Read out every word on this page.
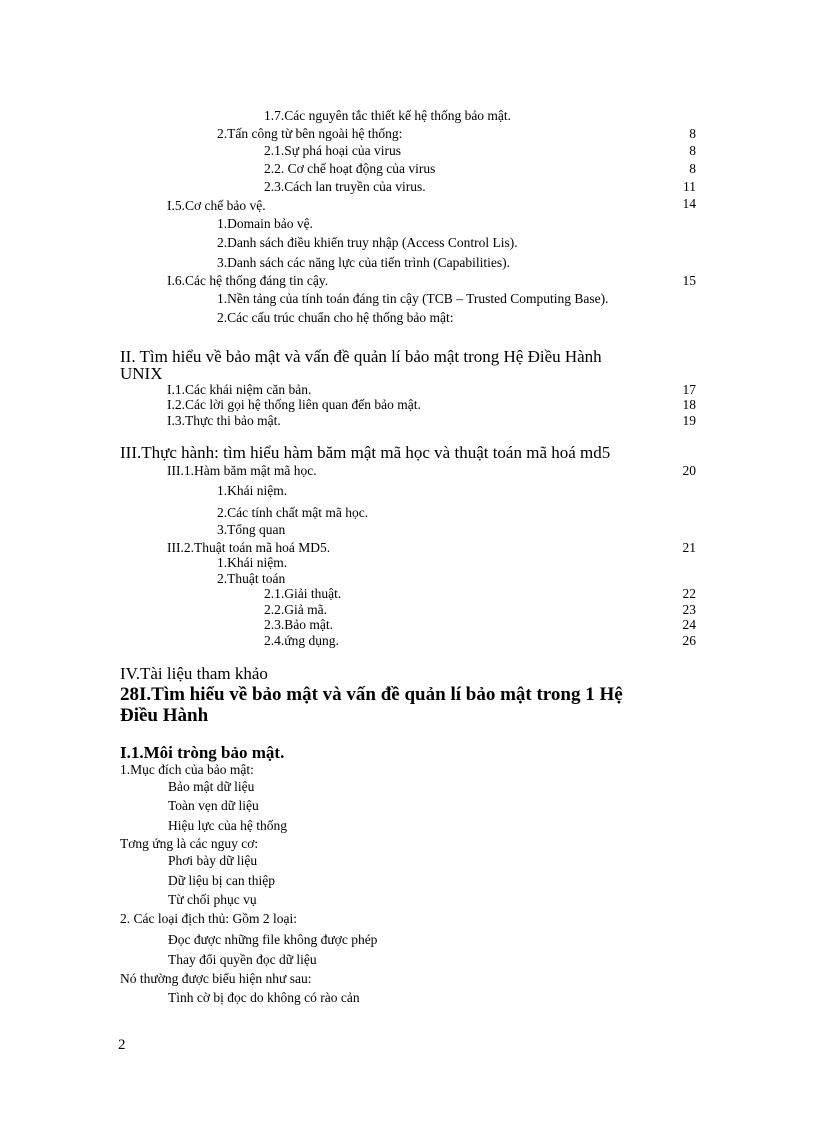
1.7.Các nguyên tắc thiết kế hệ thống bảo mật.
2.Tấn công từ bên ngoài hệ thống:	8
2.1.Sự phá hoại của virus	8
2.2. Cơ chế hoạt động của virus	8
2.3.Cách lan truyền của virus.	11
I.5.Cơ chế bảo vệ.	14
1.Domain bảo vệ.
2.Danh sách điều khiển truy nhập (Access Control Lis).
3.Danh sách các năng lực của tiến trình (Capabilities).
I.6.Các hệ thống đáng tin cậy.	15
1.Nền tảng của tính toán đáng tin cậy (TCB – Trusted Computing Base).
2.Các cấu trúc chuẩn cho hệ thống bảo mật:
II. Tìm hiểu về bảo mật và vấn đề quản lí bảo mật trong Hệ Điều Hành
UNIX
I.1.Các khái niệm căn bản.	17
I.2.Các lời gọi hệ thống liên quan đến bảo mật.	18
I.3.Thực thi bảo mật.	19
III.Thực hành: tìm hiểu hàm băm mật mã học và thuật toán mã hoá md5
III.1.Hàm băm mật mã học.	20
1.Khái niệm.
2.Các tính chất mật mã học.
3.Tổng quan
III.2.Thuật toán mã hoá MD5.	21
1.Khái niệm.
2.Thuật toán
2.1.Giải thuật.	22
2.2.Giả mã.	23
2.3.Bảo mật.	24
2.4.ứng dụng.	26
IV.Tài liệu tham khảo
28I.Tìm hiểu về bảo mật và vấn đề quản lí bảo mật trong 1 Hệ
Điều Hành
I.1.Môi tròng bảo mật.
1.Mục đích của bảo mật:
Bảo mật dữ liệu
Toàn vẹn dữ liệu
Hiệu lực của hệ thống
Tơng ứng là các nguy cơ:
Phơi bày dữ liệu
Dữ liệu bị can thiệp
Từ chối phục vụ
2. Các loại địch thủ: Gồm 2 loại:
Đọc được những file không được phép
Thay đổi quyền đọc dữ liệu
Nó thường được biểu hiện như sau:
Tình cờ bị đọc do không có rào cản
2
